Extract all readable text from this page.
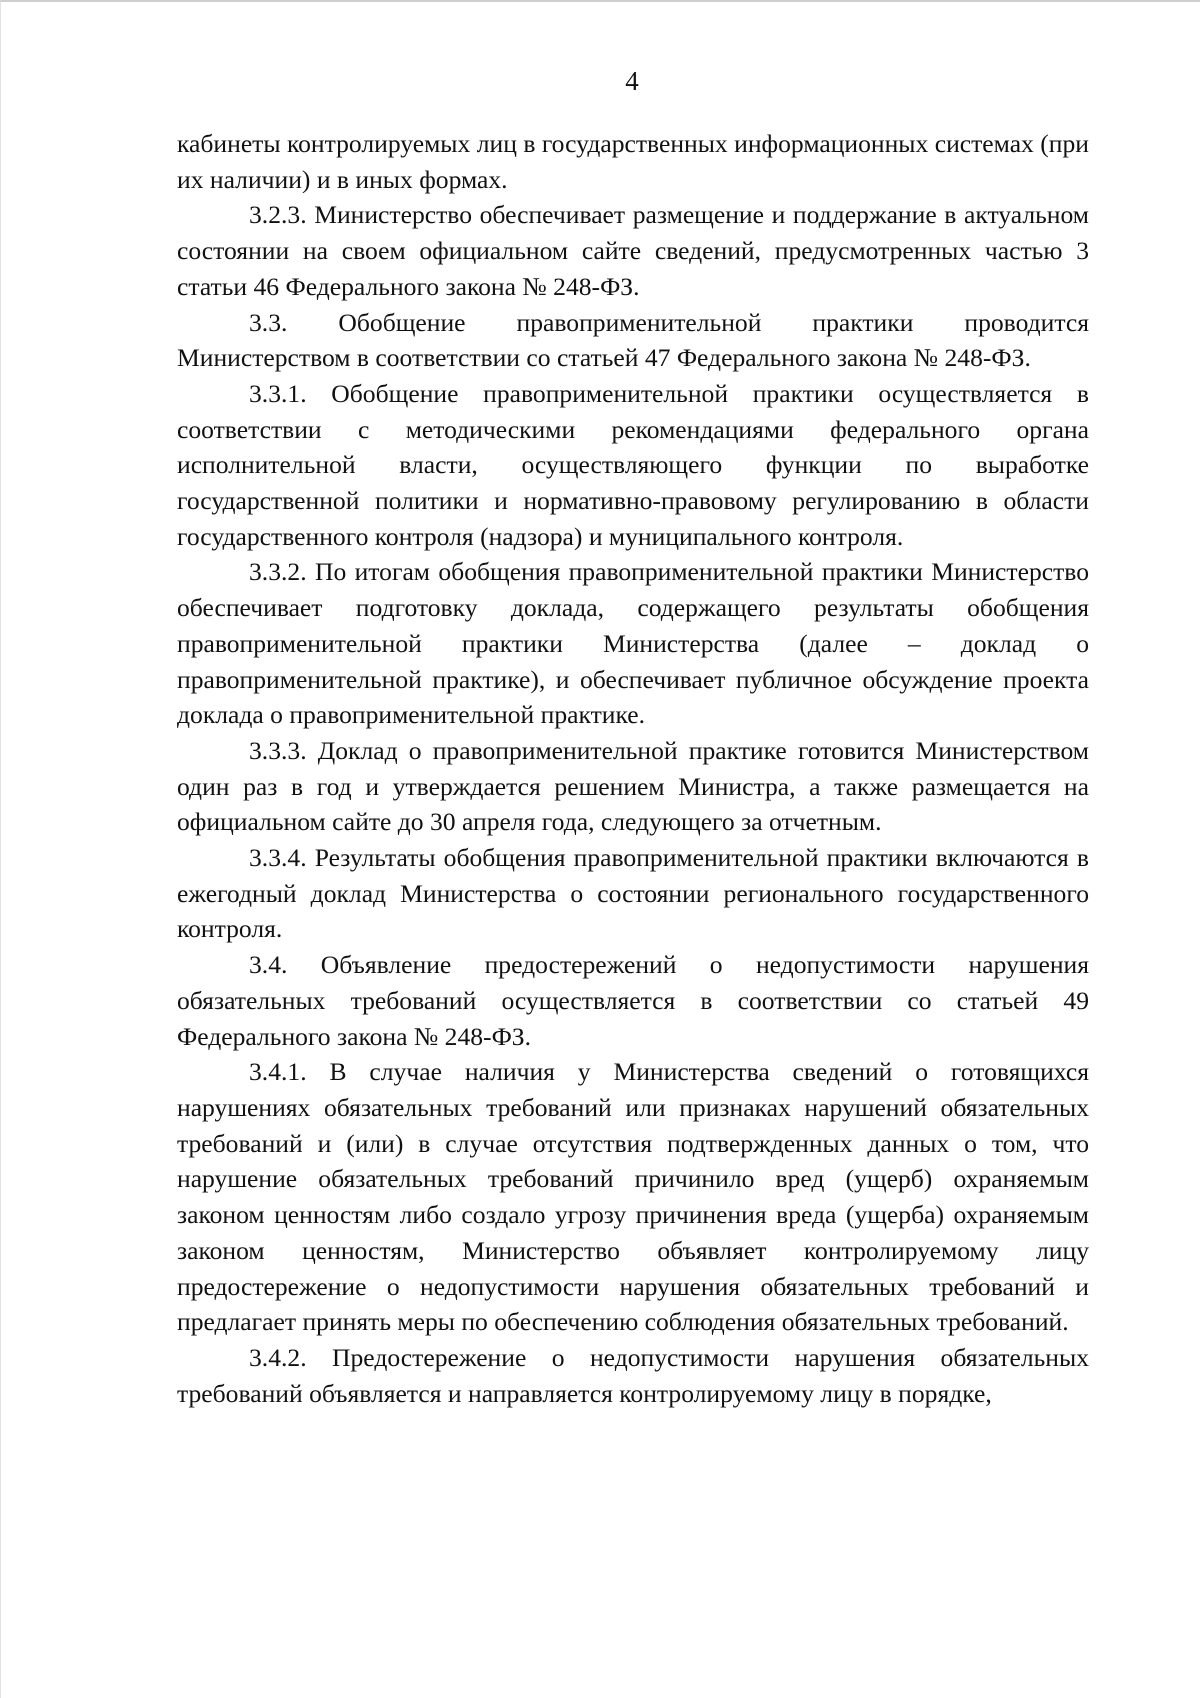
4

кабинеты контролируемых лиц в государственных информационных системах (при их наличии) и в иных формах.

3.2.3. Министерство обеспечивает размещение и поддержание в актуальном состоянии на своем официальном сайте сведений, предусмотренных частью 3 статьи 46 Федерального закона № 248-ФЗ.

3.3. Обобщение правоприменительной практики проводится Министерством в соответствии со статьей 47 Федерального закона № 248-ФЗ.

3.3.1. Обобщение правоприменительной практики осуществляется в соответствии с методическими рекомендациями федерального органа исполнительной власти, осуществляющего функции по выработке государственной политики и нормативно-правовому регулированию в области государственного контроля (надзора) и муниципального контроля.

3.3.2. По итогам обобщения правоприменительной практики Министерство обеспечивает подготовку доклада, содержащего результаты обобщения правоприменительной практики Министерства (далее – доклад о правоприменительной практике), и обеспечивает публичное обсуждение проекта доклада о правоприменительной практике.

3.3.3. Доклад о правоприменительной практике готовится Министерством один раз в год и утверждается решением Министра, а также размещается на официальном сайте до 30 апреля года, следующего за отчетным.

3.3.4. Результаты обобщения правоприменительной практики включаются в ежегодный доклад Министерства о состоянии регионального государственного контроля.

3.4. Объявление предостережений о недопустимости нарушения обязательных требований осуществляется в соответствии со статьей 49 Федерального закона № 248-ФЗ.

3.4.1. В случае наличия у Министерства сведений о готовящихся нарушениях обязательных требований или признаках нарушений обязательных требований и (или) в случае отсутствия подтвержденных данных о том, что нарушение обязательных требований причинило вред (ущерб) охраняемым законом ценностям либо создало угрозу причинения вреда (ущерба) охраняемым законом ценностям, Министерство объявляет контролируемому лицу предостережение о недопустимости нарушения обязательных требований и предлагает принять меры по обеспечению соблюдения обязательных требований.

3.4.2. Предостережение о недопустимости нарушения обязательных требований объявляется и направляется контролируемому лицу в порядке,
